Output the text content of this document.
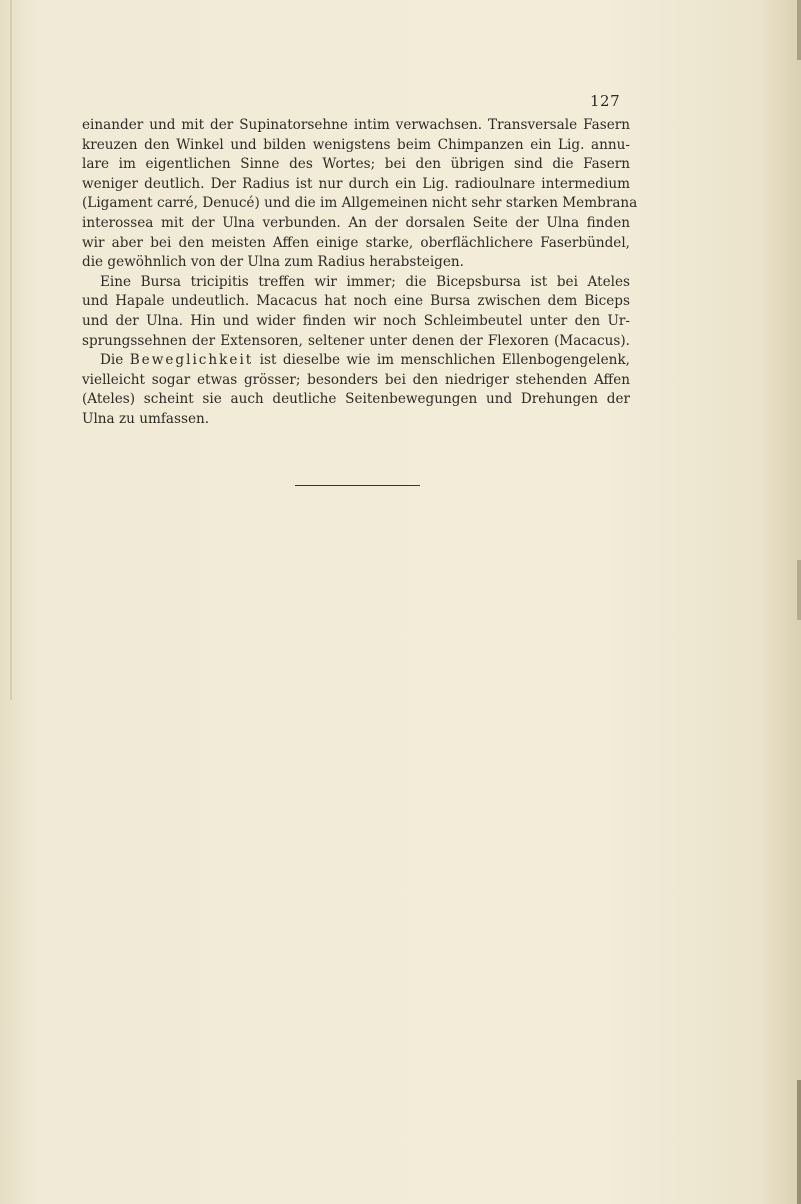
127
einander und mit der Supinatorsehne intim verwachsen. Transversale Fasern
kreuzen den Winkel und bilden wenigstens beim Chimpanzen ein Lig. annu-
lare im eigentlichen Sinne des Wortes; bei den übrigen sind die Fasern
weniger deutlich. Der Radius ist nur durch ein Lig. radioulnare intermedium
(Ligament carré, Denucé) und die im Allgemeinen nicht sehr starken Membrana
interossea mit der Ulna verbunden. An der dorsalen Seite der Ulna finden
wir aber bei den meisten Affen einige starke, oberflächlichere Faserbündel,
die gewöhnlich von der Ulna zum Radius herabsteigen.
Eine Bursa tricipitis treffen wir immer; die Bicepsbursa ist bei Ateles
und Hapale undeutlich. Macacus hat noch eine Bursa zwischen dem Biceps
und der Ulna. Hin und wider finden wir noch Schleimbeutel unter den Ur-
sprungssehnen der Extensoren, seltener unter denen der Flexoren (Macacus).
Die Beweglichkeit ist dieselbe wie im menschlichen Ellenbogengelenk,
vielleicht sogar etwas grösser; besonders bei den niedriger stehenden Affen
(Ateles) scheint sie auch deutliche Seitenbewegungen und Drehungen der
Ulna zu umfassen.
